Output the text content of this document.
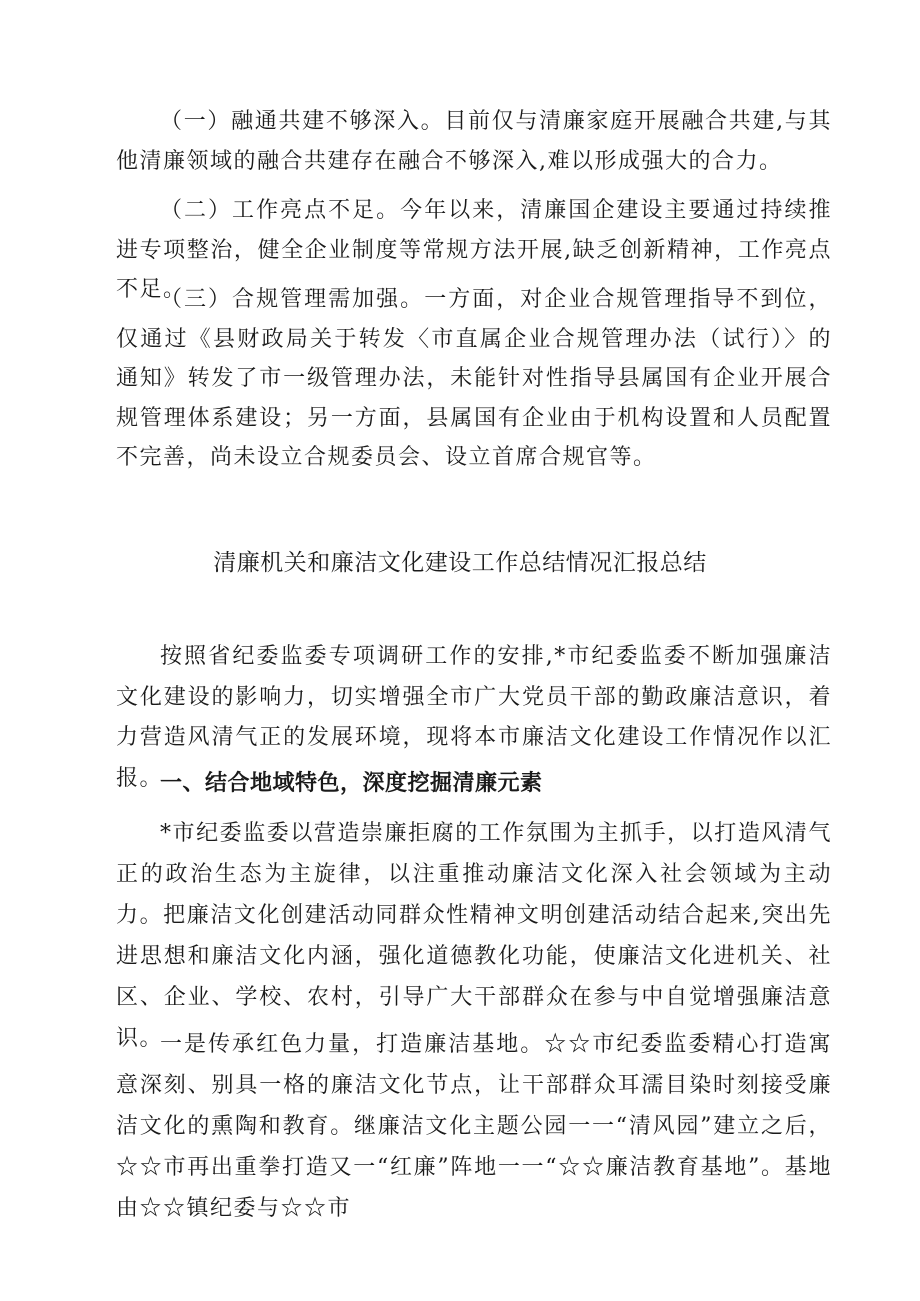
（一）融通共建不够深入。目前仅与清廉家庭开展融合共建,与其他清廉领域的融合共建存在融合不够深入,难以形成强大的合力。

（二）工作亮点不足。今年以来，清廉国企建设主要通过持续推进专项整治，健全企业制度等常规方法开展,缺乏创新精神，工作亮点不足。

（三）合规管理需加强。一方面，对企业合规管理指导不到位，仅通过《县财政局关于转发〈市直属企业合规管理办法（试行）〉的通知》转发了市一级管理办法，未能针对性指导县属国有企业开展合规管理体系建设；另一方面，县属国有企业由于机构设置和人员配置不完善，尚未设立合规委员会、设立首席合规官等。

清廉机关和廉洁文化建设工作总结情况汇报总结

按照省纪委监委专项调研工作的安排,*市纪委监委不断加强廉洁文化建设的影响力，切实增强全市广大党员干部的勤政廉洁意识，着力营造风清气正的发展环境，现将本市廉洁文化建设工作情况作以汇报。

一、结合地域特色，深度挖掘清廉元素

*市纪委监委以营造崇廉拒腐的工作氛围为主抓手，以打造风清气正的政治生态为主旋律，以注重推动廉洁文化深入社会领域为主动力。把廉洁文化创建活动同群众性精神文明创建活动结合起来,突出先进思想和廉洁文化内涵，强化道德教化功能，使廉洁文化进机关、社区、企业、学校、农村，引导广大干部群众在参与中自觉增强廉洁意识。

一是传承红色力量，打造廉洁基地。☆☆市纪委监委精心打造寓意深刻、别具一格的廉洁文化节点，让干部群众耳濡目染时刻接受廉洁文化的熏陶和教育。继廉洁文化主题公园一一“清风园”建立之后，☆☆市再出重拳打造又一“红廉”阵地一一“☆☆廉洁教育基地”。基地由☆☆镇纪委与☆☆市
